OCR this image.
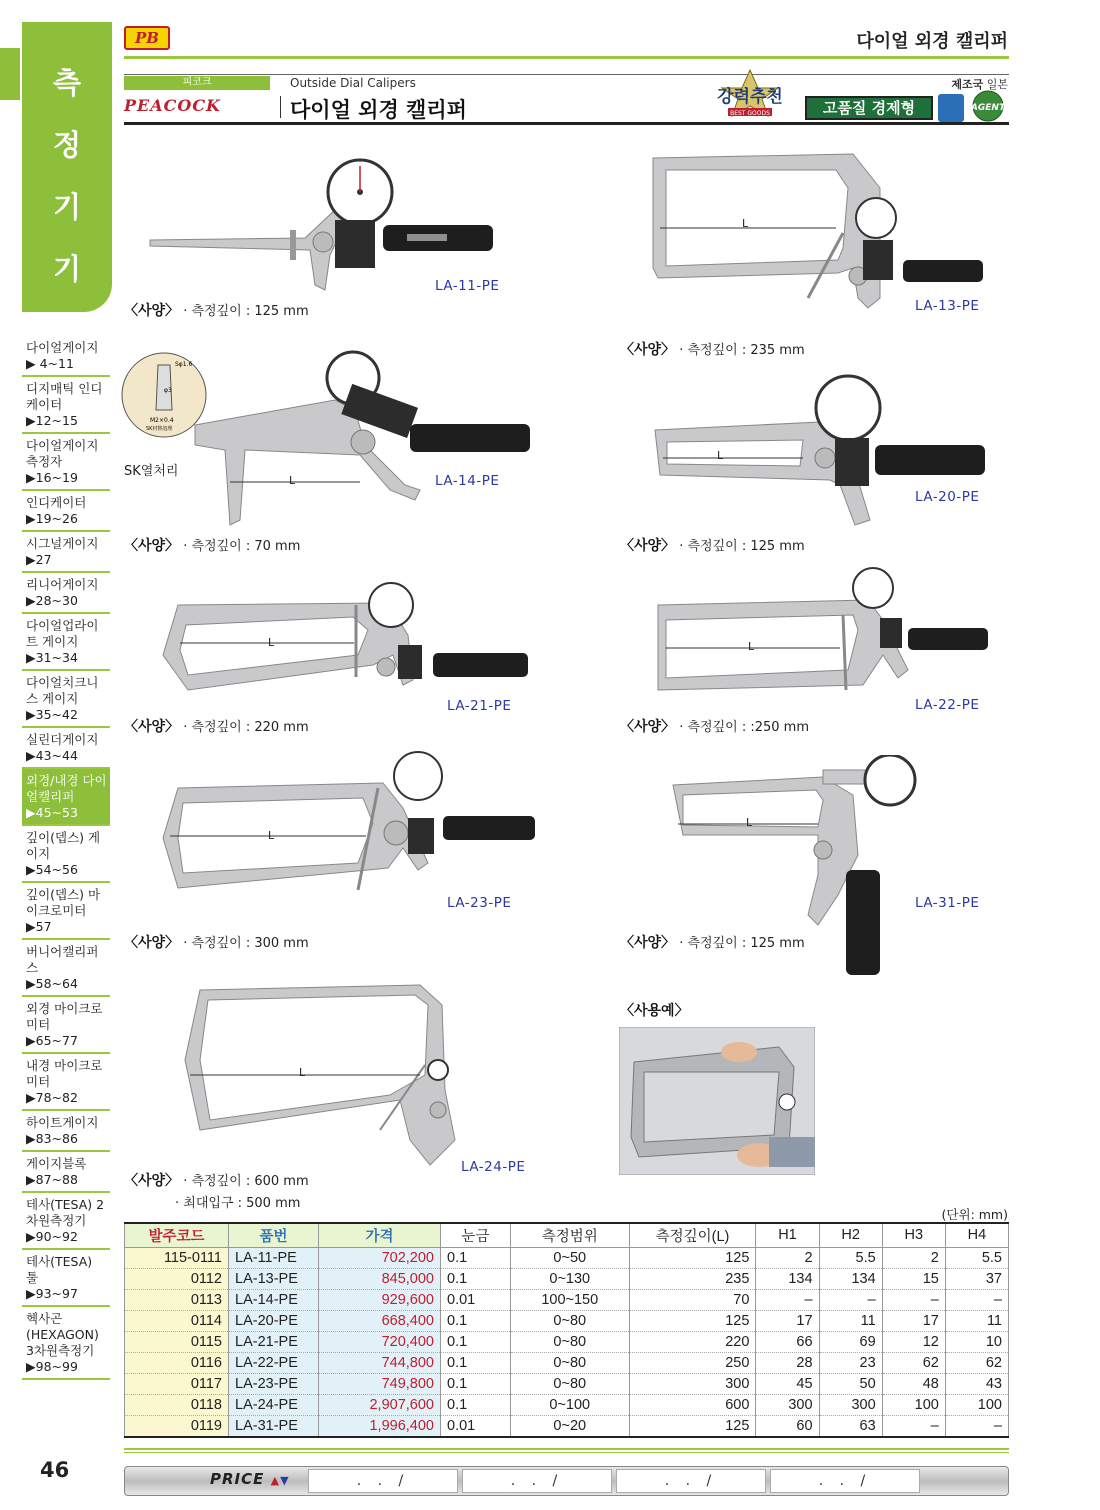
PB	다이얼 외경 캘리퍼
측
정
기
기
다이얼게이지
▶ 4~11
디지매틱 인디케이터
▶12~15
다이얼게이지 측정자
▶16~19
인디케이터
▶19~26
시그널게이지
▶27
리니어게이지
▶28~30
다이얼업라이트 게이지
▶31~34
다이얼치크니스 게이지
▶35~42
실린더게이지
▶43~44
외경/내경 다이얼캘리퍼
▶45~53
깊이(뎁스) 게이지
▶54~56
깊이(뎁스) 마이크로미터
▶57
버니어캘리퍼스
▶58~64
외경 마이크로미터
▶65~77
내경 마이크로미터
▶78~82
하이트게이지
▶83~86
게이지블록
▶87~88
테사(TESA) 2차원측정기
▶90~92
테사(TESA) 툴
▶93~97
헥사곤(HEXAGON) 3차원측정기
▶98~99
46
피코크
PEACOCK
Outside Dial Calipers
다이얼 외경 캘리퍼
제조국 일본
강력추천
BEST GOODS	고품질 경제형	AGENT
LA-11-PE
〈사양〉 · 측정깊이 : 125 mm
L
LA-13-PE
〈사양〉 · 측정깊이 : 235 mm
Sφ1.6
M2×0.4
φ3
SK材熱処理
SK열처리
L	LA-14-PE
〈사양〉 · 측정깊이 : 70 mm
L
LA-20-PE
〈사양〉 · 측정깊이 : 125 mm
L
LA-21-PE
〈사양〉 · 측정깊이 : 220 mm
L
LA-22-PE
〈사양〉 · 측정깊이 : :250 mm
L
LA-23-PE
〈사양〉 · 측정깊이 : 300 mm
L
LA-31-PE
〈사양〉 · 측정깊이 : 125 mm
L
LA-24-PE
〈사양〉 · 측정깊이 : 600 mm
· 최대입구 : 500 mm
〈사용예〉
(단위: mm)
발주코드	품번	가격	눈금	측정범위	측정깊이(L)	H1	H2	H3	H4
115-0111	LA-11-PE	702,200	0.1	0~50	125	2	5.5	2	5.5
0112	LA-13-PE	845,000	0.1	0~130	235	134	134	15	37
0113	LA-14-PE	929,600	0.01	100~150	70	–	–	–	–
0114	LA-20-PE	668,400	0.1	0~80	125	17	11	17	11
0115	LA-21-PE	720,400	0.1	0~80	220	66	69	12	10
0116	LA-22-PE	744,800	0.1	0~80	250	28	23	62	62
0117	LA-23-PE	749,800	0.1	0~80	300	45	50	48	43
0118	LA-24-PE	2,907,600	0.1	0~100	600	300	300	100	100
0119	LA-31-PE	1,996,400	0.01	0~20	125	60	63	–	–
PRICE ▲▼	. . /	. . /	. . /	. . /
